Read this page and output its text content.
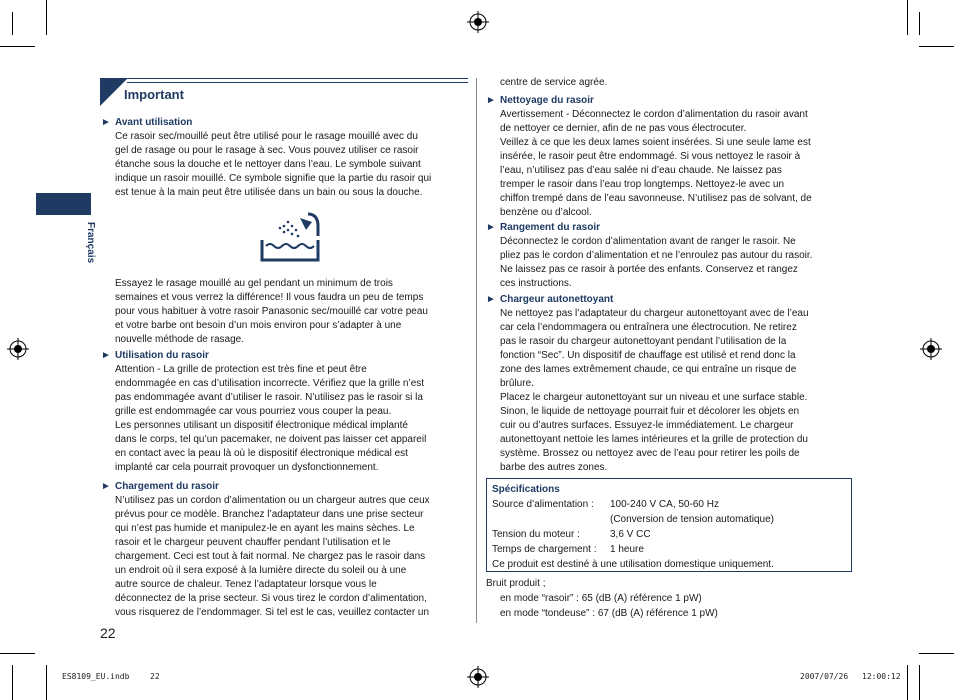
Français
Important
► Avant utilisation

Ce rasoir sec/mouillé peut être utilisé pour le rasage mouillé avec du

gel de rasage ou pour le rasage à sec. Vous pouvez utiliser ce rasoir

étanche sous la douche et le nettoyer dans l’eau. Le symbole suivant

indique un rasoir mouillé. Ce symbole signifie que la partie du rasoir qui

est tenue à la main peut être utilisée dans un bain ou sous la douche.

Essayez le rasage mouillé au gel pendant un minimum de trois

semaines et vous verrez la différence! Il vous faudra un peu de temps

pour vous habituer à votre rasoir Panasonic sec/mouillé car votre peau

et votre barbe ont besoin d’un mois environ pour s’adapter à une

nouvelle méthode de rasage.

► Utilisation du rasoir

Attention - La grille de protection est très fine et peut être

endommagée en cas d’utilisation incorrecte. Vérifiez que la grille n’est

pas endommagée avant d’utiliser le rasoir. N’utilisez pas le rasoir si la

grille est endommagée car vous pourriez vous couper la peau.

Les personnes utilisant un dispositif électronique médical implanté

dans le corps, tel qu’un pacemaker, ne doivent pas laisser cet appareil

en contact avec la peau là où le dispositif électronique médical est

implanté car cela pourrait provoquer un dysfonctionnement.

► Chargement du rasoir

N’utilisez pas un cordon d’alimentation ou un chargeur autres que ceux

prévus pour ce modèle. Branchez l’adaptateur dans une prise secteur

qui n’est pas humide et manipulez-le en ayant les mains sèches. Le

rasoir et le chargeur peuvent chauffer pendant l’utilisation et le

chargement. Ceci est tout à fait normal. Ne chargez pas le rasoir dans

un endroit où il sera exposé à la lumière directe du soleil ou à une

autre source de chaleur. Tenez l’adaptateur lorsque vous le

déconnectez de la prise secteur. Si vous tirez le cordon d’alimentation,

vous risquerez de l’endommager. Si tel est le cas, veuillez contacter un

centre de service agrée.

► Nettoyage du rasoir

Avertissement - Déconnectez le cordon d’alimentation du rasoir avant

de nettoyer ce dernier, afin de ne pas vous électrocuter.

Veillez à ce que les deux lames soient insérées. Si une seule lame est

insérée, le rasoir peut être endommagé. Si vous nettoyez le rasoir à

l’eau, n’utilisez pas d’eau salée ni d’eau chaude. Ne laissez pas

tremper le rasoir dans l’eau trop longtemps. Nettoyez-le avec un

chiffon trempé dans de l’eau savonneuse. N’utilisez pas de solvant, de

benzène ou d’alcool.

► Rangement du rasoir

Déconnectez le cordon d’alimentation avant de ranger le rasoir. Ne

pliez pas le cordon d’alimentation et ne l’enroulez pas autour du rasoir.

Ne laissez pas ce rasoir à portée des enfants. Conservez et rangez

ces instructions.

► Chargeur autonettoyant

Ne nettoyez pas l’adaptateur du chargeur autonettoyant avec de l’eau

car cela l’endommagera ou entraînera une électrocution. Ne retirez

pas le rasoir du chargeur autonettoyant pendant l’utilisation de la

fonction “Sec”. Un dispositif de chauffage est utilisé et rend donc la

zone des lames extrêmement chaude, ce qui entraîne un risque de

brûlure.

Placez le chargeur autonettoyant sur un niveau et une surface stable.

Sinon, le liquide de nettoyage pourrait fuir et décolorer les objets en

cuir ou d’autres surfaces. Essuyez-le immédiatement. Le chargeur

autonettoyant nettoie les lames intérieures et la grille de protection du

système. Brossez ou nettoyez avec de l’eau pour retirer les poils de

barbe des autres zones.

Spécifications
Source d’alimentation :	100-240 V CA, 50-60 Hz
(Conversion de tension automatique)
Tension du moteur :	3,6 V CC
Temps de chargement :	1 heure
Ce produit est destiné à une utilisation domestique uniquement.
Bruit produit ;
en mode “rasoir” : 65 (dB (A) référence 1 pW)
en mode “tondeuse” : 67 (dB (A) référence 1 pW)
22
ES8109_EU.indb	22	2007/07/26 12:00:12
